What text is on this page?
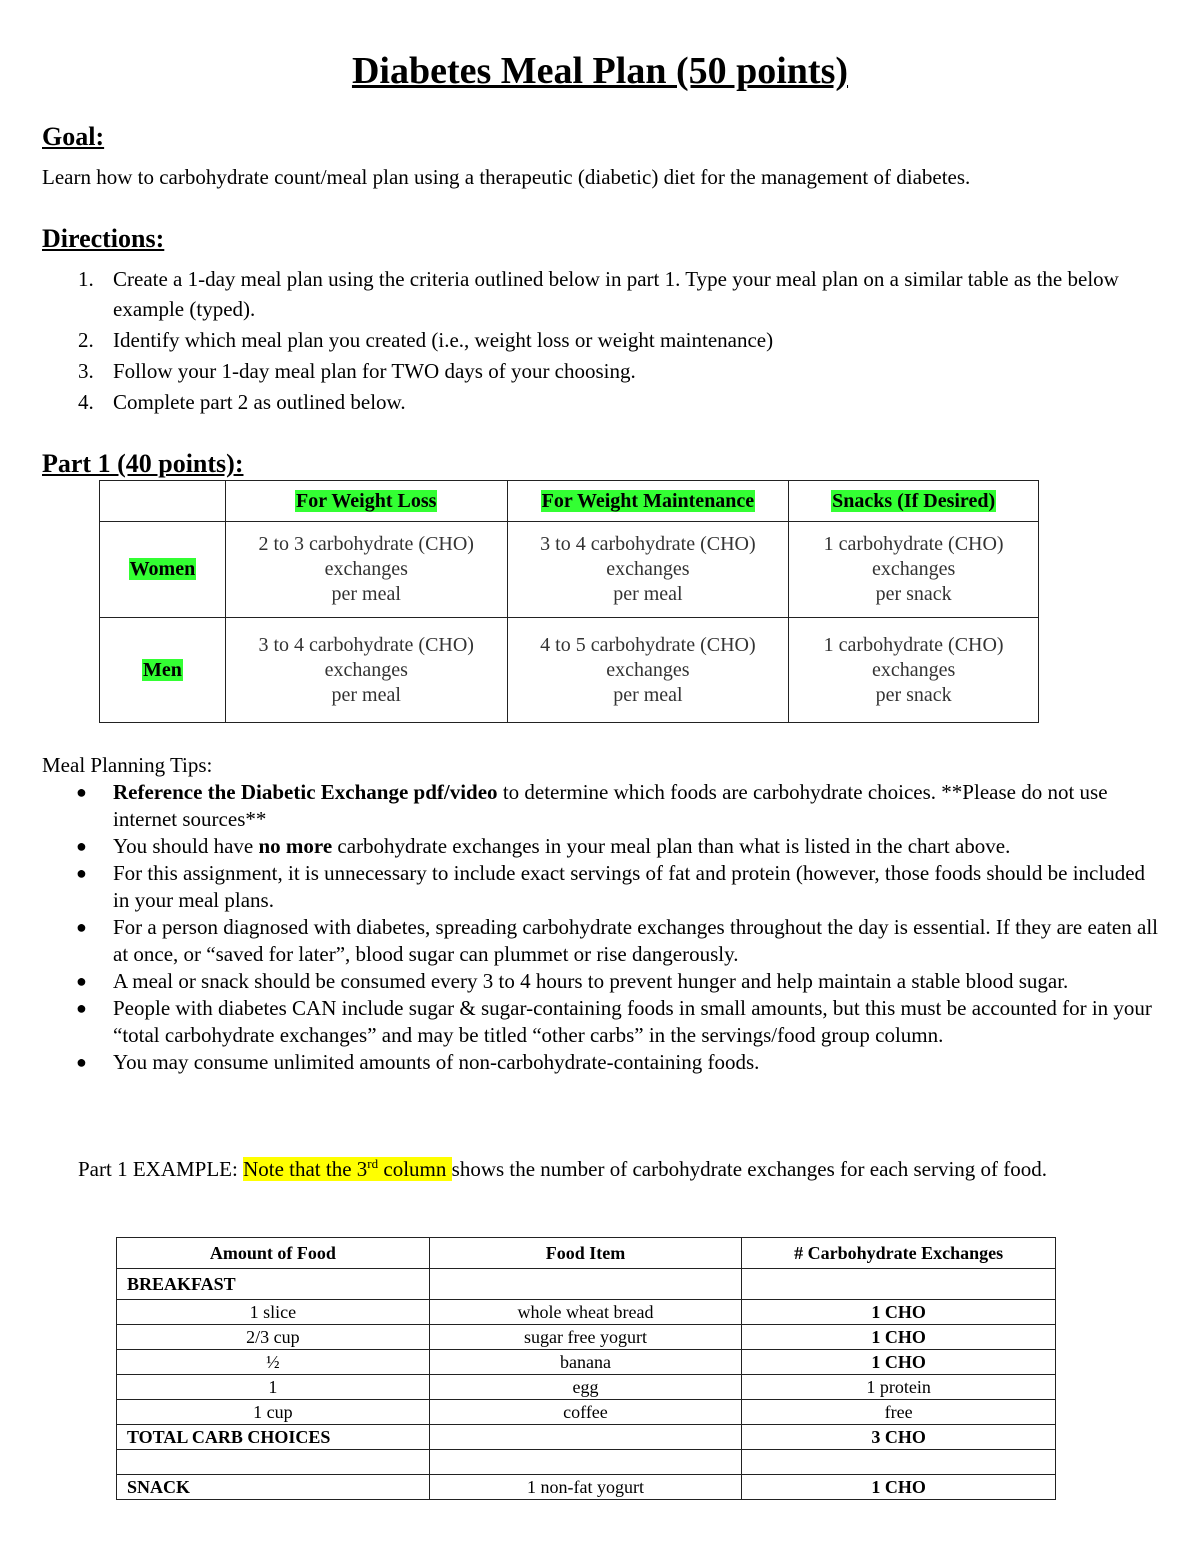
Diabetes Meal Plan (50 points)
Goal:
Learn how to carbohydrate count/meal plan using a therapeutic (diabetic) diet for the management of diabetes.
Directions:
1. Create a 1-day meal plan using the criteria outlined below in part 1. Type your meal plan on a similar table as the below example (typed).
2. Identify which meal plan you created (i.e., weight loss or weight maintenance)
3. Follow your 1-day meal plan for TWO days of your choosing.
4. Complete part 2 as outlined below.
Part 1 (40 points):
	For Weight Loss	For Weight Maintenance	Snacks (If Desired)
Women	2 to 3 carbohydrate (CHO)
exchanges
per meal	3 to 4 carbohydrate (CHO)
exchanges
per meal	1 carbohydrate (CHO)
exchanges
per snack
Men	3 to 4 carbohydrate (CHO)
exchanges
per meal	4 to 5 carbohydrate (CHO)
exchanges
per meal	1 carbohydrate (CHO)
exchanges
per snack
Meal Planning Tips:
● Reference the Diabetic Exchange pdf/video to determine which foods are carbohydrate choices. **Please do not use internet sources**
● You should have no more carbohydrate exchanges in your meal plan than what is listed in the chart above.
● For this assignment, it is unnecessary to include exact servings of fat and protein (however, those foods should be included in your meal plans.
● For a person diagnosed with diabetes, spreading carbohydrate exchanges throughout the day is essential. If they are eaten all at once, or “saved for later”, blood sugar can plummet or rise dangerously.
● A meal or snack should be consumed every 3 to 4 hours to prevent hunger and help maintain a stable blood sugar.
● People with diabetes CAN include sugar & sugar-containing foods in small amounts, but this must be accounted for in your “total carbohydrate exchanges” and may be titled “other carbs” in the servings/food group column.
● You may consume unlimited amounts of non-carbohydrate-containing foods.
Part 1 EXAMPLE: Note that the 3rd column shows the number of carbohydrate exchanges for each serving of food.
Amount of Food	Food Item	# Carbohydrate Exchanges
BREAKFAST		
1 slice	whole wheat bread	1 CHO
2/3 cup	sugar free yogurt	1 CHO
½	banana	1 CHO
1	egg	1 protein
1 cup	coffee	free
TOTAL CARB CHOICES		3 CHO

SNACK	1 non-fat yogurt	1 CHO
